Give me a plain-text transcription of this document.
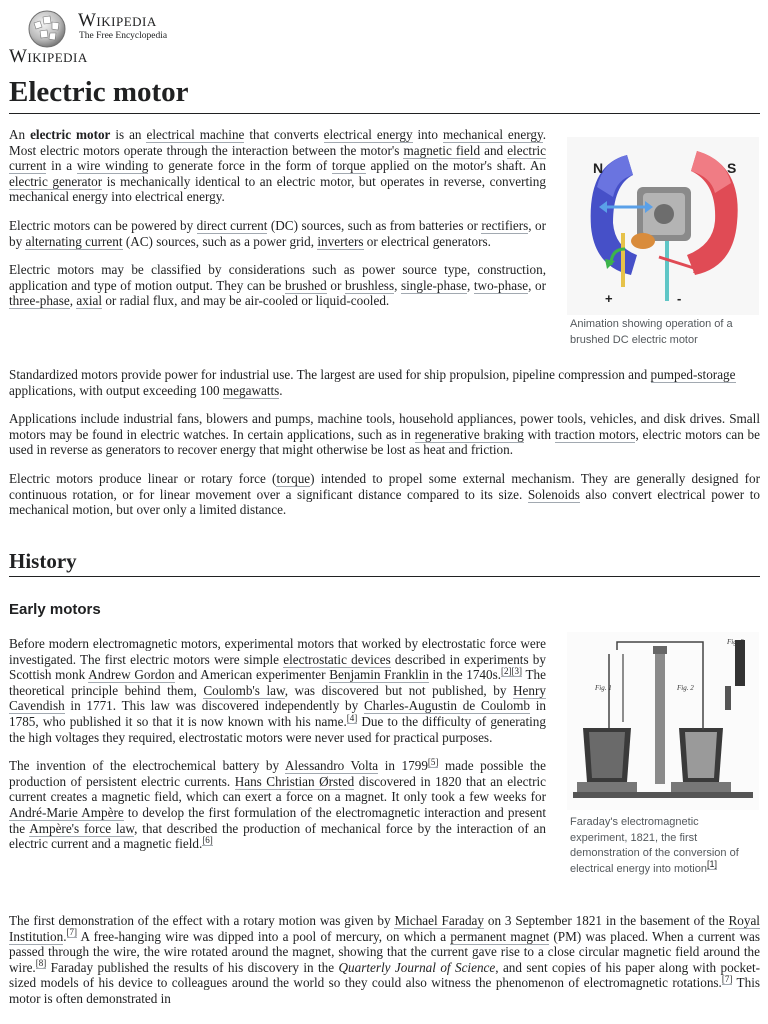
Wikipedia
The Free Encyclopedia
Wikipedia
Electric motor

An electric motor is an electrical machine that converts electrical energy into mechanical energy. Most electric motors operate through the interaction between the motor's magnetic field and electric current in a wire winding to generate force in the form of torque applied on the motor's shaft. An electric generator is mechanically identical to an electric motor, but operates in reverse, converting mechanical energy into electrical energy.

Electric motors can be powered by direct current (DC) sources, such as from batteries or rectifiers, or by alternating current (AC) sources, such as a power grid, inverters or electrical generators.

Electric motors may be classified by considerations such as power source type, construction, application and type of motion output. They can be brushed or brushless, single-phase, two-phase, or three-phase, axial or radial flux, and may be air-cooled or liquid-cooled.

Standardized motors provide power for industrial use. The largest are used for ship propulsion, pipeline compression and pumped-storage applications, with output exceeding 100 megawatts.

Applications include industrial fans, blowers and pumps, machine tools, household appliances, power tools, vehicles, and disk drives. Small motors may be found in electric watches. In certain applications, such as in regenerative braking with traction motors, electric motors can be used in reverse as generators to recover energy that might otherwise be lost as heat and friction.

Electric motors produce linear or rotary force (torque) intended to propel some external mechanism. They are generally designed for continuous rotation, or for linear movement over a significant distance compared to its size. Solenoids also convert electrical power to mechanical motion, but over only a limited distance.

N	S
+	-

Animation showing operation of a brushed DC electric motor

History
Early motors

Before modern electromagnetic motors, experimental motors that worked by electrostatic force were investigated. The first electric motors were simple electrostatic devices described in experiments by Scottish monk Andrew Gordon and American experimenter Benjamin Franklin in the 1740s.[2][3] The theoretical principle behind them, Coulomb's law, was discovered but not published, by Henry Cavendish in 1771. This law was discovered independently by Charles-Augustin de Coulomb in 1785, who published it so that it is now known with his name.[4] Due to the difficulty of generating the high voltages they required, electrostatic motors were never used for practical purposes.

The invention of the electrochemical battery by Alessandro Volta in 1799[5] made possible the production of persistent electric currents. Hans Christian Ørsted discovered in 1820 that an electric current creates a magnetic field, which can exert a force on a magnet. It only took a few weeks for André-Marie Ampère to develop the first formulation of the electromagnetic interaction and present the Ampère's force law, that described the production of mechanical force by the interaction of an electric current and a magnetic field.[6]

The first demonstration of the effect with a rotary motion was given by Michael Faraday on 3 September 1821 in the basement of the Royal Institution.[7] A free-hanging wire was dipped into a pool of mercury, on which a permanent magnet (PM) was placed. When a current was passed through the wire, the wire rotated around the magnet, showing that the current gave rise to a close circular magnetic field around the wire.[8] Faraday published the results of his discovery in the Quarterly Journal of Science, and sent copies of his paper along with pocket-sized models of his device to colleagues around the world so they could also witness the phenomenon of electromagnetic rotations.[7] This motor is often demonstrated in

Fig. 1	Fig. 2
Fig. 3

Faraday's electromagnetic experiment, 1821, the first demonstration of the conversion of electrical energy into motion[1]
